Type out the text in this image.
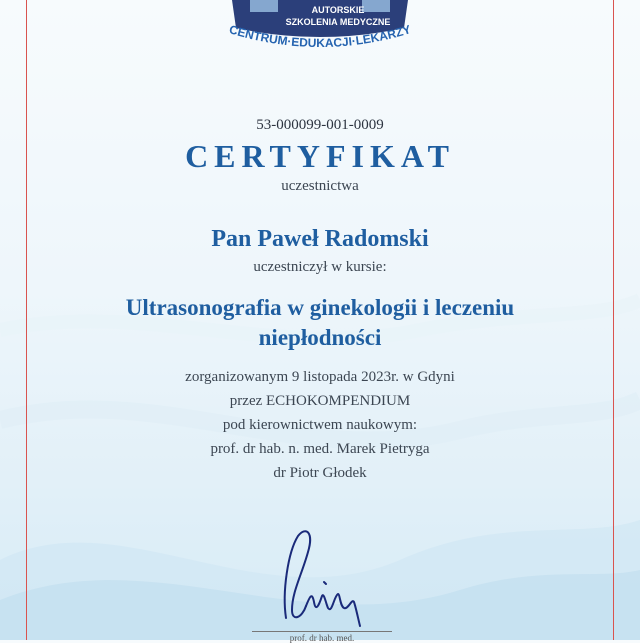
AUTORSKIE
SZKOLENIA MEDYCZNE
CENTRUM·EDUKACJI·LEKARZY
53-000099-001-0009
CERTYFIKAT
uczestnictwa
Pan Paweł Radomski
uczestniczył w kursie:
Ultrasonografia w ginekologii i leczeniu
niepłodności
zorganizowanym 9 listopada 2023r. w Gdyni
przez ECHOKOMPENDIUM
pod kierownictwem naukowym:
prof. dr hab. n. med. Marek Pietryga
dr Piotr Głodek
prof. dr hab. med.
